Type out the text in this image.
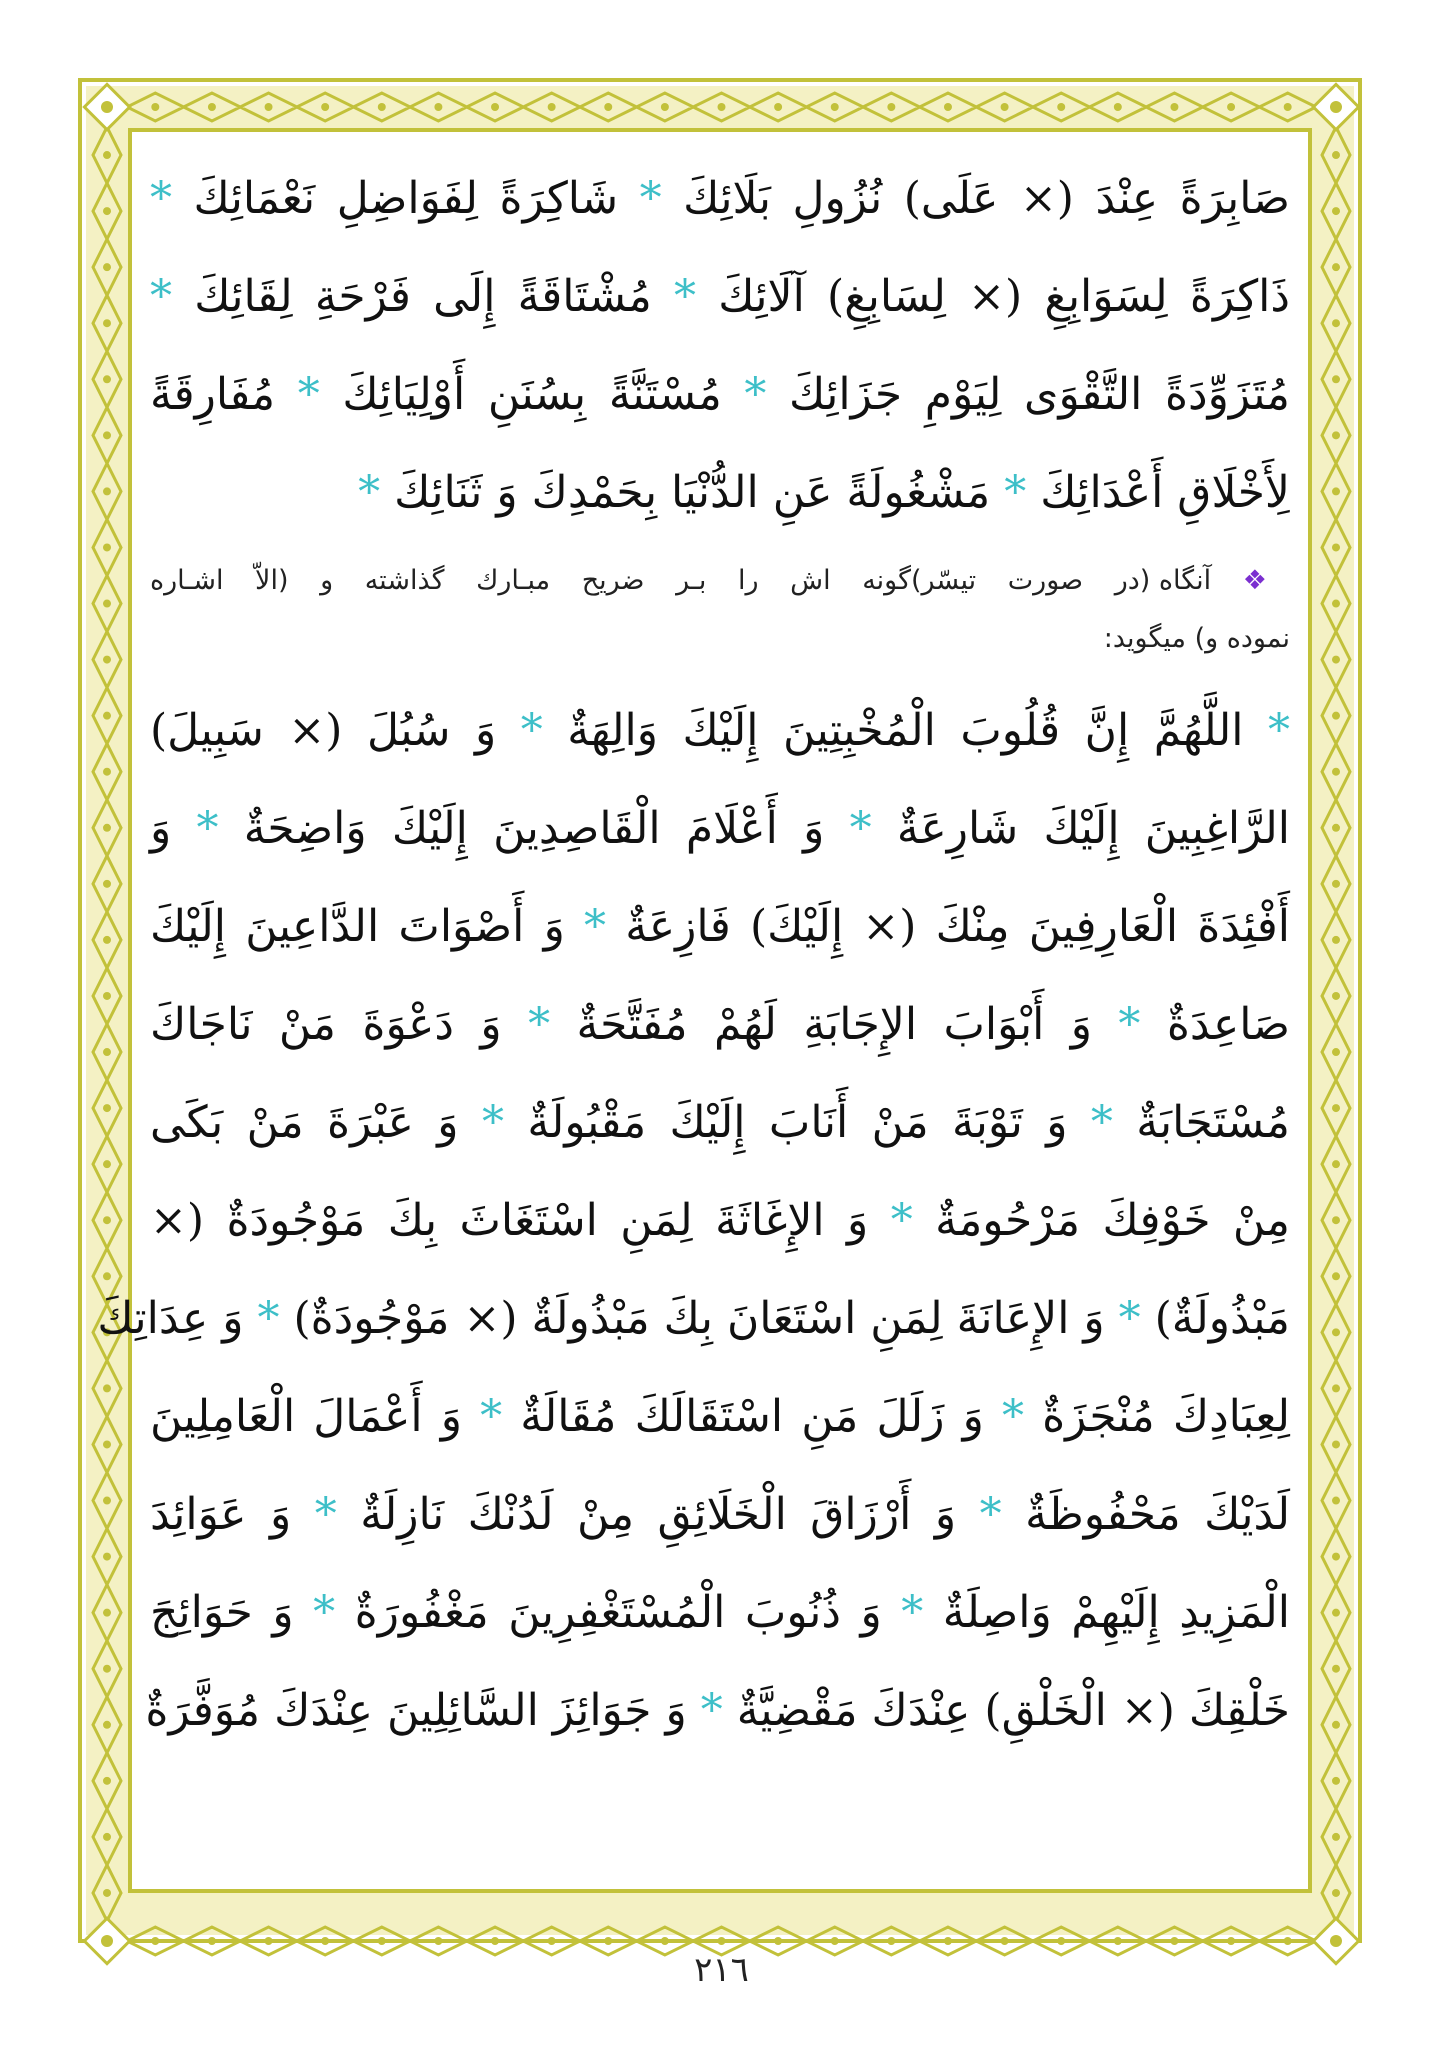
صَابِرَةً عِنْدَ (× عَلَى) نُزُولِ بَلَائِكَ * شَاكِرَةً لِفَوَاضِلِ نَعْمَائِكَ *
ذَاكِرَةً لِسَوَابِغِ (× لِسَابِغِ) آلَائِكَ * مُشْتَاقَةً إِلَى فَرْحَةِ لِقَائِكَ *
مُتَزَوِّدَةً التَّقْوَى لِيَوْمِ جَزَائِكَ * مُسْتَنَّةً بِسُنَنِ أَوْلِيَائِكَ * مُفَارِقَةً
لِأَخْلَاقِ أَعْدَائِكَ * مَشْغُولَةً عَنِ الدُّنْيَا بِحَمْدِكَ وَ ثَنَائِكَ *
❖ آنگاه (در صورت تیسّر)گونه اش را بـر ضریح مبـارك گذاشته و (الاّ اشـاره
نموده و) میگوید:
* اللَّهُمَّ إِنَّ قُلُوبَ الْمُخْبِتِينَ إِلَيْكَ وَالِهَةٌ * وَ سُبُلَ (× سَبِيلَ)
الرَّاغِبِينَ إِلَيْكَ شَارِعَةٌ * وَ أَعْلَامَ الْقَاصِدِينَ إِلَيْكَ وَاضِحَةٌ * وَ
أَفْئِدَةَ الْعَارِفِينَ مِنْكَ (× إِلَيْكَ) فَازِعَةٌ * وَ أَصْوَاتَ الدَّاعِينَ إِلَيْكَ
صَاعِدَةٌ * وَ أَبْوَابَ الإِجَابَةِ لَهُمْ مُفَتَّحَةٌ * وَ دَعْوَةَ مَنْ نَاجَاكَ
مُسْتَجَابَةٌ * وَ تَوْبَةَ مَنْ أَنَابَ إِلَيْكَ مَقْبُولَةٌ * وَ عَبْرَةَ مَنْ بَكَى
مِنْ خَوْفِكَ مَرْحُومَةٌ * وَ الإِغَاثَةَ لِمَنِ اسْتَغَاثَ بِكَ مَوْجُودَةٌ (×
مَبْذُولَةٌ) * وَ الإِعَانَةَ لِمَنِ اسْتَعَانَ بِكَ مَبْذُولَةٌ (× مَوْجُودَةٌ) * وَ عِدَاتِكَ
لِعِبَادِكَ مُنْجَزَةٌ * وَ زَلَلَ مَنِ اسْتَقَالَكَ مُقَالَةٌ * وَ أَعْمَالَ الْعَامِلِينَ
لَدَيْكَ مَحْفُوظَةٌ * وَ أَرْزَاقَ الْخَلَائِقِ مِنْ لَدُنْكَ نَازِلَةٌ * وَ عَوَائِدَ
الْمَزِيدِ إِلَيْهِمْ وَاصِلَةٌ * وَ ذُنُوبَ الْمُسْتَغْفِرِينَ مَغْفُورَةٌ * وَ حَوَائِجَ
خَلْقِكَ (× الْخَلْقِ) عِنْدَكَ مَقْضِيَّةٌ * وَ جَوَائِزَ السَّائِلِينَ عِنْدَكَ مُوَفَّرَةٌ
٢١٦
